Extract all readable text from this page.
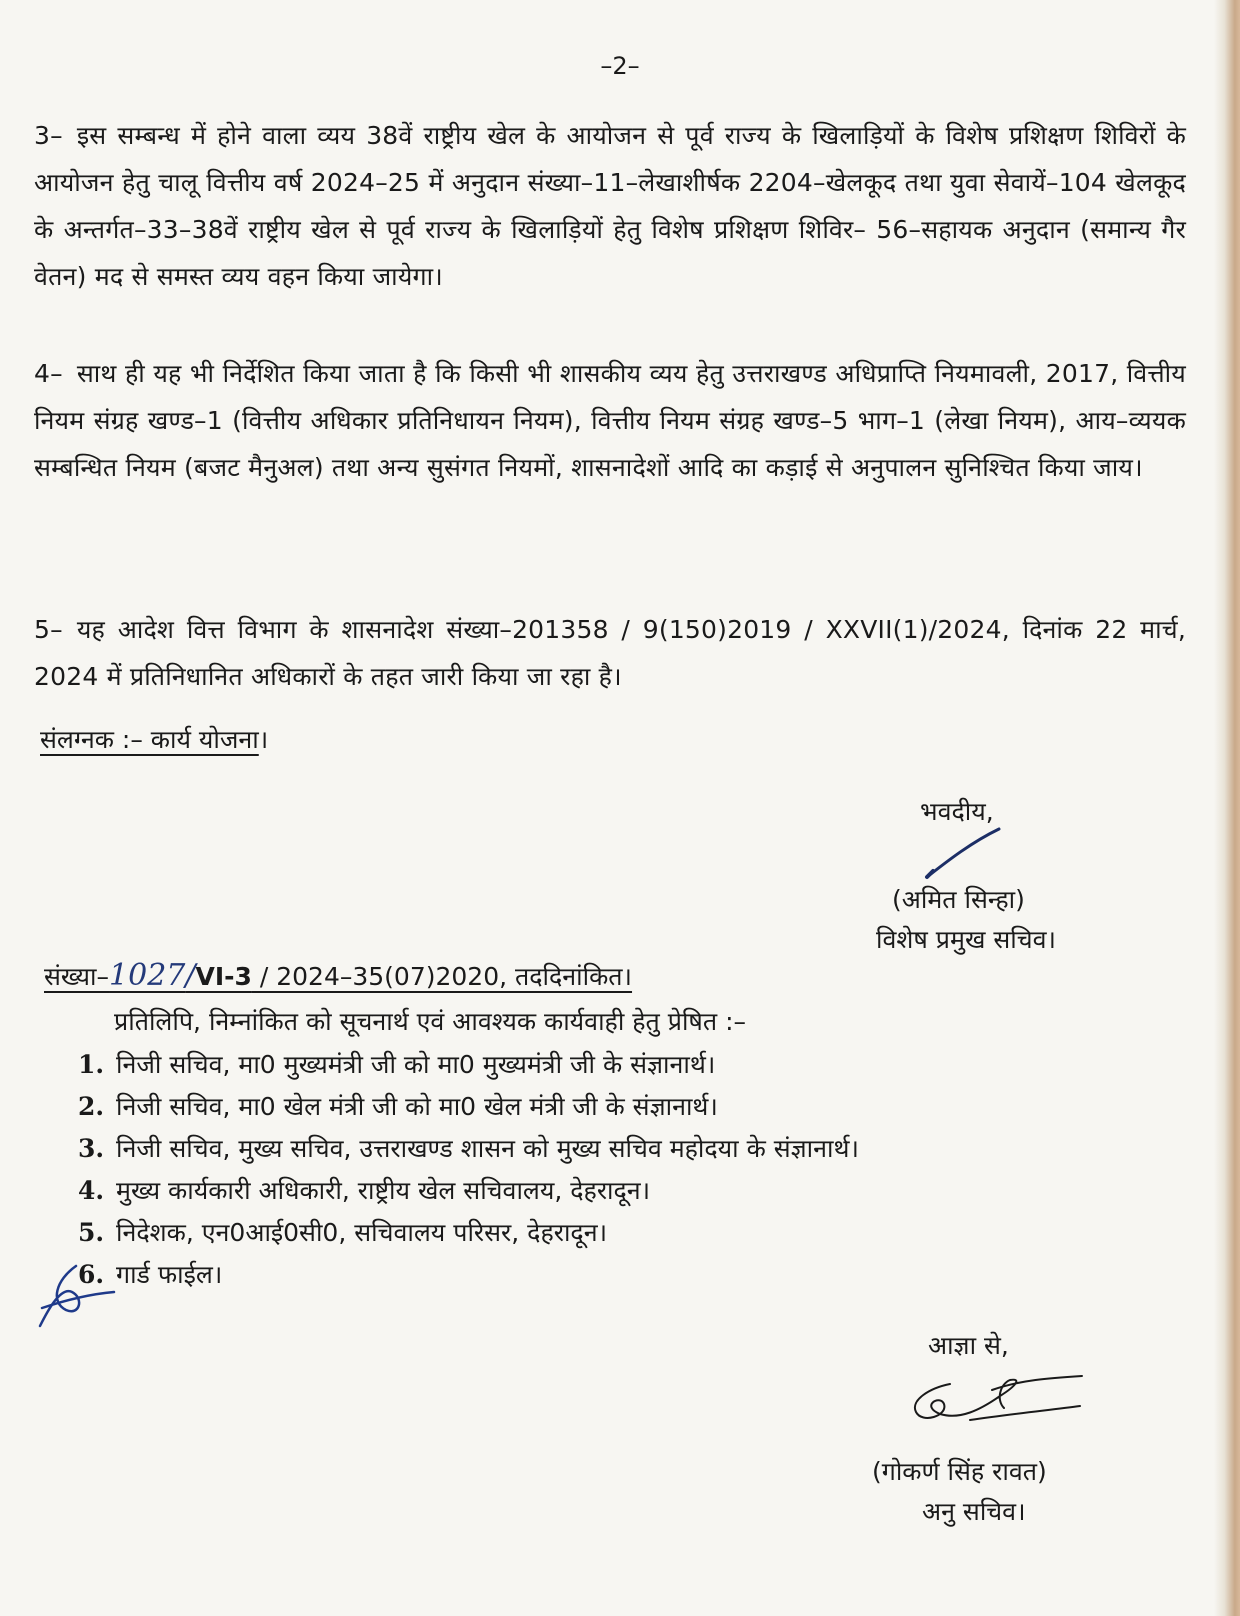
–2–
3– इस सम्बन्ध में होने वाला व्यय 38वें राष्ट्रीय खेल के आयोजन से पूर्व राज्य के खिलाड़ियों के विशेष प्रशिक्षण शिविरों के आयोजन हेतु चालू वित्तीय वर्ष 2024–25 में अनुदान संख्या–11–लेखाशीर्षक 2204–खेलकूद तथा युवा सेवायें–104 खेलकूद के अन्तर्गत–33–38वें राष्ट्रीय खेल से पूर्व राज्य के खिलाड़ियों हेतु विशेष प्रशिक्षण शिविर– 56–सहायक अनुदान (समान्य गैर वेतन) मद से समस्त व्यय वहन किया जायेगा।
4– साथ ही यह भी निर्देशित किया जाता है कि किसी भी शासकीय व्यय हेतु उत्तराखण्ड अधिप्राप्ति नियमावली, 2017, वित्तीय नियम संग्रह खण्ड–1 (वित्तीय अधिकार प्रतिनिधायन नियम), वित्तीय नियम संग्रह खण्ड–5 भाग–1 (लेखा नियम), आय–व्ययक सम्बन्धित नियम (बजट मैनुअल) तथा अन्य सुसंगत नियमों, शासनादेशों आदि का कड़ाई से अनुपालन सुनिश्चित किया जाय।
5– यह आदेश वित्त विभाग के शासनादेश संख्या–201358 / 9(150)2019 / XXVII(1)/2024, दिनांक 22 मार्च, 2024 में प्रतिनिधानित अधिकारों के तहत जारी किया जा रहा है।
संलग्नक :– कार्य योजना।
भवदीय,
(अमित सिन्हा)
विशेष प्रमुख सचिव।
संख्या–1027/VI-3 / 2024–35(07)2020, तददिनांकित।
प्रतिलिपि, निम्नांकित को सूचनार्थ एवं आवश्यक कार्यवाही हेतु प्रेषित :–
1. निजी सचिव, मा0 मुख्यमंत्री जी को मा0 मुख्यमंत्री जी के संज्ञानार्थ।
2. निजी सचिव, मा0 खेल मंत्री जी को मा0 खेल मंत्री जी के संज्ञानार्थ।
3. निजी सचिव, मुख्य सचिव, उत्तराखण्ड शासन को मुख्य सचिव महोदया के संज्ञानार्थ।
4. मुख्य कार्यकारी अधिकारी, राष्ट्रीय खेल सचिवालय, देहरादून।
5. निदेशक, एन0आई0सी0, सचिवालय परिसर, देहरादून।
6. गार्ड फाईल।
आज्ञा से,
(गोकर्ण सिंह रावत)
अनु सचिव।
